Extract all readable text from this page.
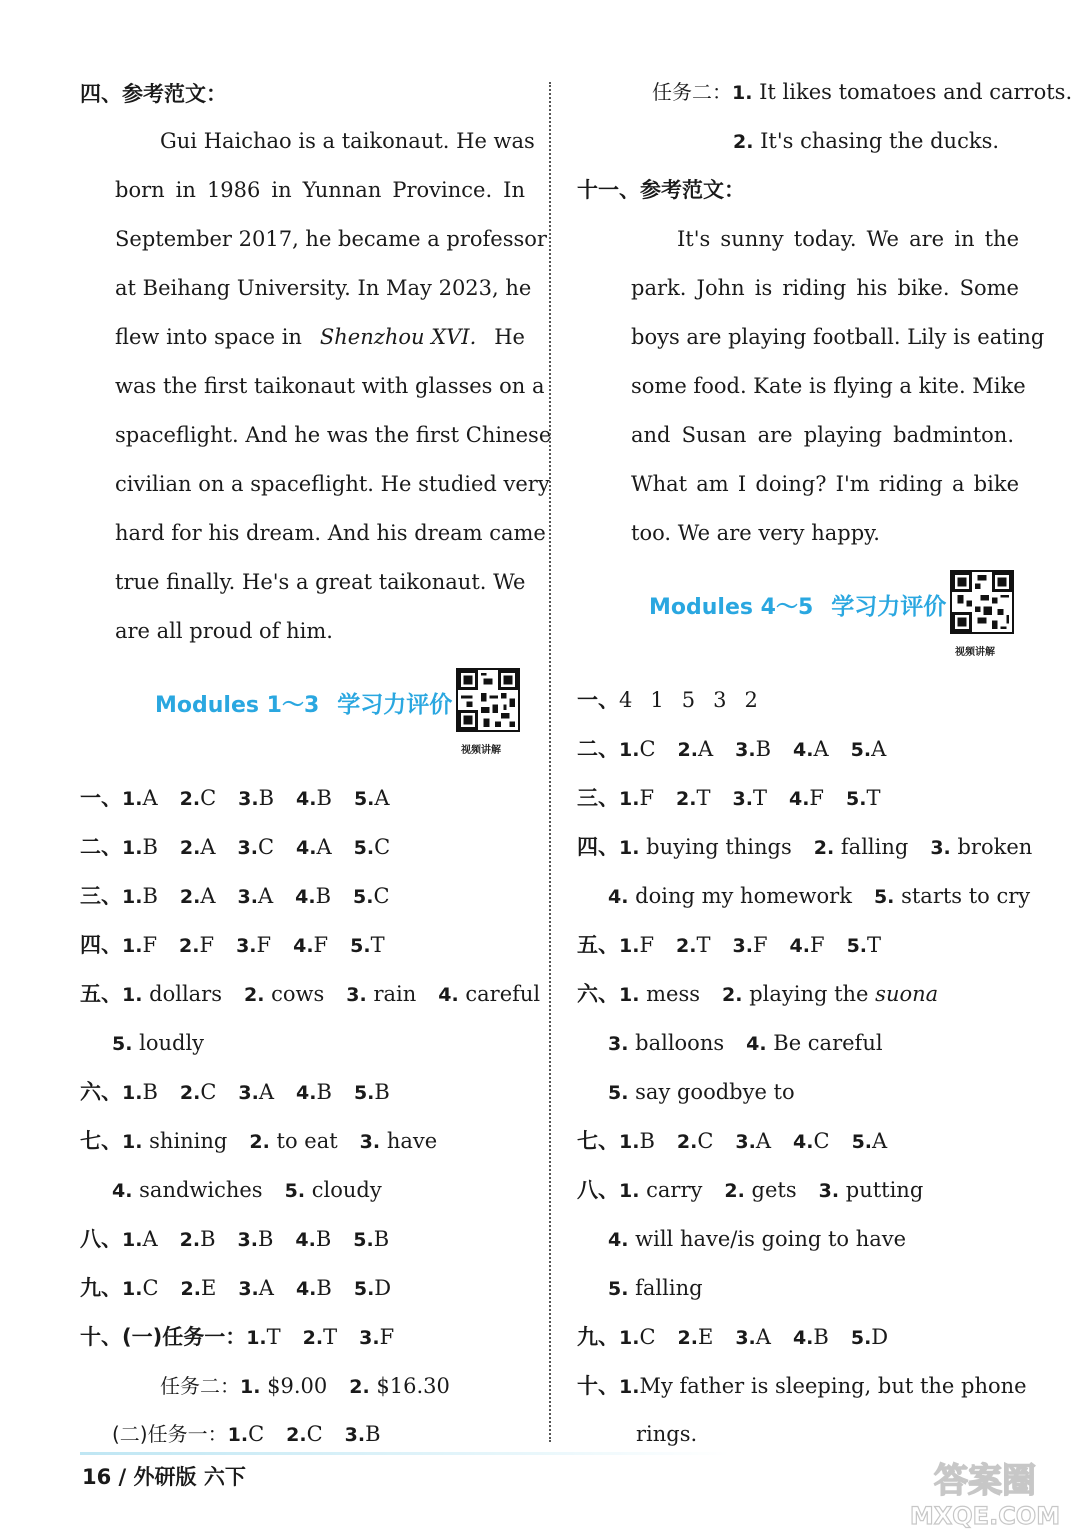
四、参考范文：
Gui Haichao is a taikonaut. He was
born in 1986 in Yunnan Province. In
September 2017, he became a professor
at Beihang University. In May 2023, he
flew into space in Shenzhou XVI. He
was the first taikonaut with glasses on a
spaceflight. And he was the first Chinese
civilian on a spaceflight. He studied very
hard for his dream. And his dream came
true finally. He's a great taikonaut. We
are all proud of him.
Modules 1～3 学习力评价
视频讲解
一、1.A 2.C 3.B 4.B 5.A
二、1.B 2.A 3.C 4.A 5.C
三、1.B 2.A 3.A 4.B 5.C
四、1.F 2.F 3.F 4.F 5.T
五、1. dollars 2. cows 3. rain 4. careful
5. loudly
六、1.B 2.C 3.A 4.B 5.B
七、1. shining 2. to eat 3. have
4. sandwiches 5. cloudy
八、1.A 2.B 3.B 4.B 5.B
九、1.C 2.E 3.A 4.B 5.D
十、(一)任务一：1.T 2.T 3.F
任务二：1. $9.00 2. $16.30
(二)任务一：1.C 2.C 3.B
任务二：1. It likes tomatoes and carrots.
2. It's chasing the ducks.
十一、参考范文：
It's sunny today. We are in the
park. John is riding his bike. Some
boys are playing football. Lily is eating
some food. Kate is flying a kite. Mike
and Susan are playing badminton.
What am I doing? I'm riding a bike
too. We are very happy.
Modules 4～5 学习力评价
视频讲解
一、4 1 5 3 2
二、1.C 2.A 3.B 4.A 5.A
三、1.F 2.T 3.T 4.F 5.T
四、1. buying things 2. falling 3. broken
4. doing my homework 5. starts to cry
五、1.F 2.T 3.F 4.F 5.T
六、1. mess 2. playing the suona
3. balloons 4. Be careful
5. say goodbye to
七、1.B 2.C 3.A 4.C 5.A
八、1. carry 2. gets 3. putting
4. will have/is going to have
5. falling
九、1.C 2.E 3.A 4.B 5.D
十、1. My father is sleeping, but the phone
rings.
16 / 外研版 六下	答案圈
MXQE.COM
